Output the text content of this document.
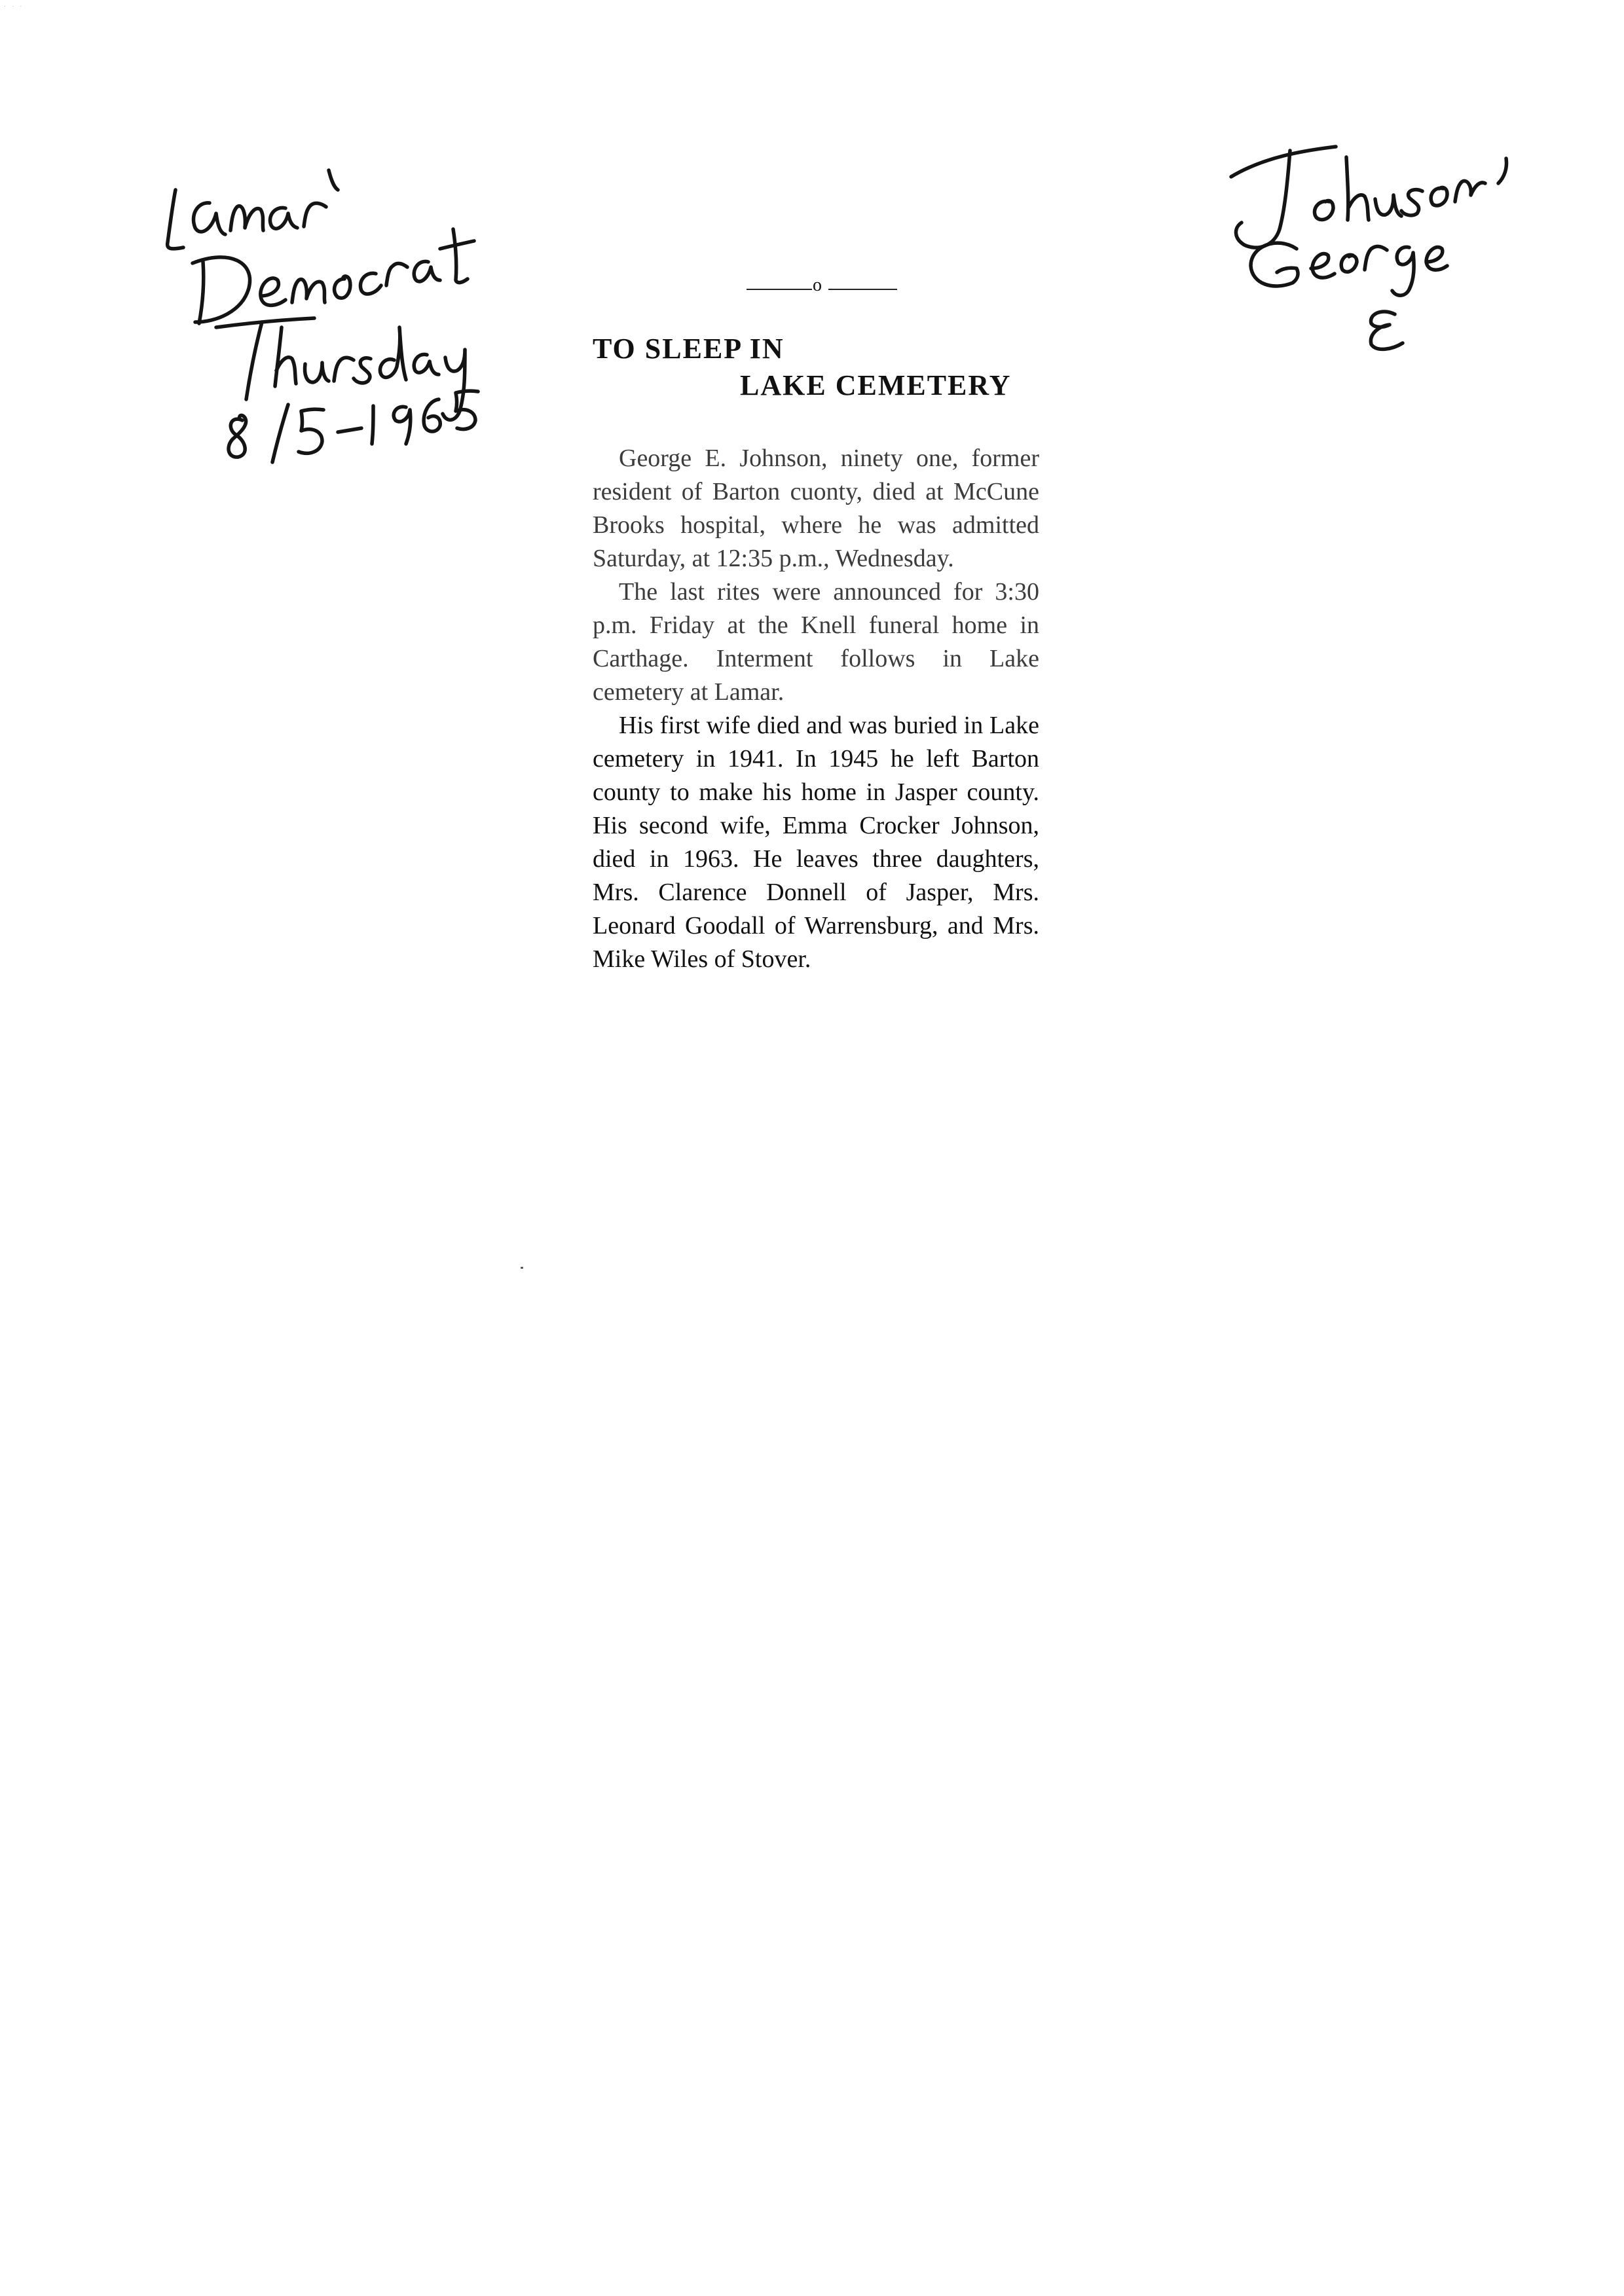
· · ·
o
TO SLEEP IN
LAKE CEMETERY

George E. Johnson, ninety one, former resident of Barton cuonty, died at McCune Brooks hospital, where he was admitted Saturday, at 12:35 p.m., Wednesday.

The last rites were announced for 3:30 p.m. Friday at the Knell funeral home in Carthage. Interment follows in Lake cemetery at Lamar.

His first wife died and was buried in Lake cemetery in 1941. In 1945 he left Barton county to make his home in Jasper county. His second wife, Emma Crocker Johnson, died in 1963. He leaves three daughters, Mrs. Clarence Donnell of Jasper, Mrs. Leonard Goodall of Warrensburg, and Mrs. Mike Wiles of Stover.
